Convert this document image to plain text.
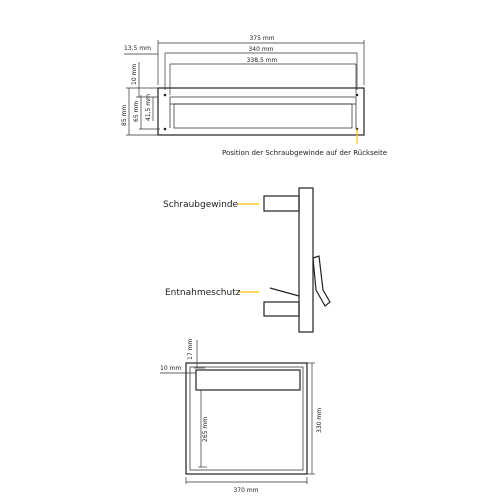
375 mm
340 mm
338,5 mm
13,5 mm
10 mm
85 mm 65 mm 41,5 mm
Position der Schraubgewinde auf der Rückseite
Schraubgewinde
Entnahmeschutz
17 mm
10 mm
265 mm	330 mm
370 mm
